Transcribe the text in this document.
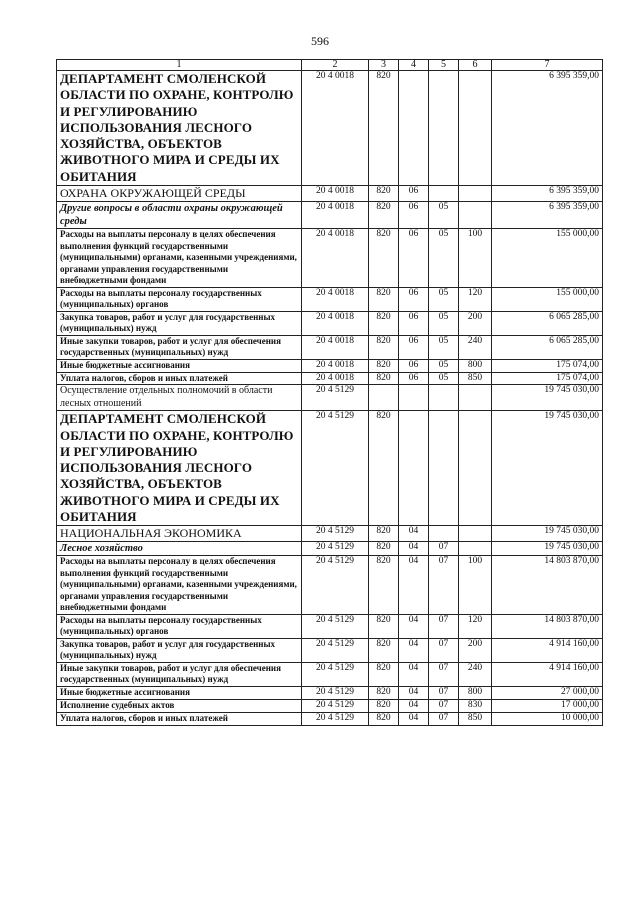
596
1	2	3	4	5	6	7
ДЕПАРТАМЕНТ СМОЛЕНСКОЙ ОБЛАСТИ ПО ОХРАНЕ, КОНТРОЛЮ И РЕГУЛИРОВАНИЮ ИСПОЛЬЗОВАНИЯ ЛЕСНОГО ХОЗЯЙСТВА, ОБЪЕКТОВ ЖИВОТНОГО МИРА И СРЕДЫ ИХ ОБИТАНИЯ	20 4 0018	820				6 395 359,00
ОХРАНА ОКРУЖАЮЩЕЙ СРЕДЫ	20 4 0018	820	06			6 395 359,00
Другие вопросы в области охраны окружающей среды	20 4 0018	820	06	05		6 395 359,00
Расходы на выплаты персоналу в целях обеспечения выполнения функций государственными (муниципальными) органами, казенными учреждениями, органами управления государственными внебюджетными фондами	20 4 0018	820	06	05	100	155 000,00
Расходы на выплаты персоналу государственных (муниципальных) органов	20 4 0018	820	06	05	120	155 000,00
Закупка товаров, работ и услуг для государственных (муниципальных) нужд	20 4 0018	820	06	05	200	6 065 285,00
Иные закупки товаров, работ и услуг для обеспечения государственных (муниципальных) нужд	20 4 0018	820	06	05	240	6 065 285,00
Иные бюджетные ассигнования	20 4 0018	820	06	05	800	175 074,00
Уплата налогов, сборов и иных платежей	20 4 0018	820	06	05	850	175 074,00
Осуществление отдельных полномочий в области лесных отношений	20 4 5129					19 745 030,00
ДЕПАРТАМЕНТ СМОЛЕНСКОЙ ОБЛАСТИ ПО ОХРАНЕ, КОНТРОЛЮ И РЕГУЛИРОВАНИЮ ИСПОЛЬЗОВАНИЯ ЛЕСНОГО ХОЗЯЙСТВА, ОБЪЕКТОВ ЖИВОТНОГО МИРА И СРЕДЫ ИХ ОБИТАНИЯ	20 4 5129	820				19 745 030,00
НАЦИОНАЛЬНАЯ ЭКОНОМИКА	20 4 5129	820	04			19 745 030,00
Лесное хозяйство	20 4 5129	820	04	07		19 745 030,00
Расходы на выплаты персоналу в целях обеспечения выполнения функций государственными (муниципальными) органами, казенными учреждениями, органами управления государственными внебюджетными фондами	20 4 5129	820	04	07	100	14 803 870,00
Расходы на выплаты персоналу государственных (муниципальных) органов	20 4 5129	820	04	07	120	14 803 870,00
Закупка товаров, работ и услуг для государственных (муниципальных) нужд	20 4 5129	820	04	07	200	4 914 160,00
Иные закупки товаров, работ и услуг для обеспечения государственных (муниципальных) нужд	20 4 5129	820	04	07	240	4 914 160,00
Иные бюджетные ассигнования	20 4 5129	820	04	07	800	27 000,00
Исполнение судебных актов	20 4 5129	820	04	07	830	17 000,00
Уплата налогов, сборов и иных платежей	20 4 5129	820	04	07	850	10 000,00
